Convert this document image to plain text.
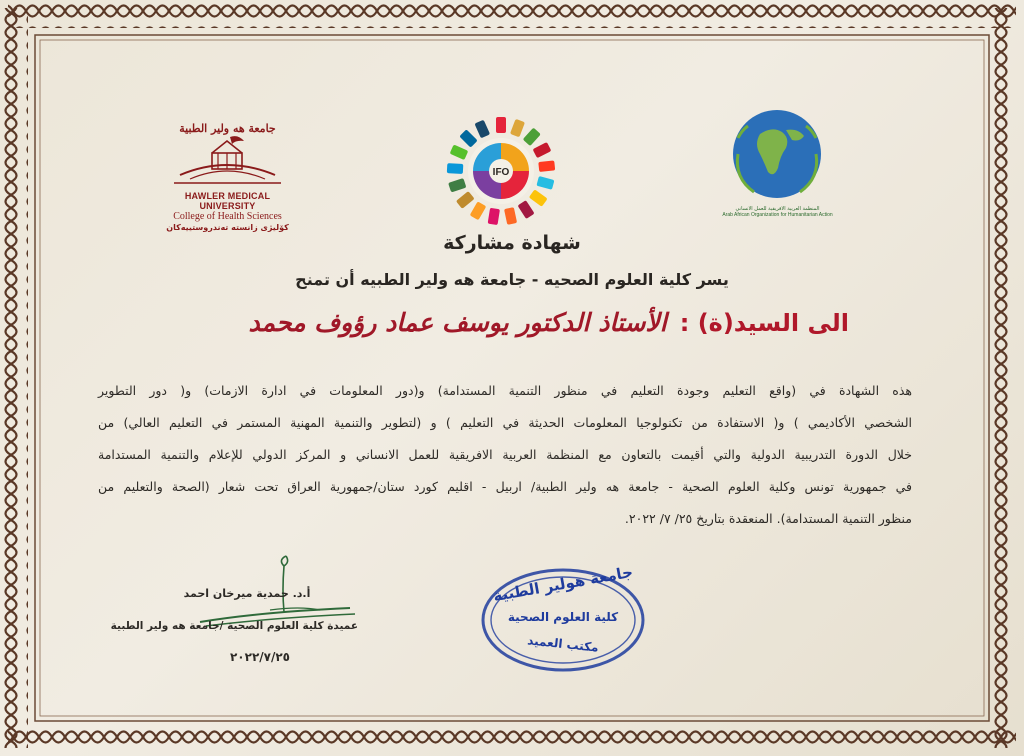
جامعة هه ولير الطبية
HAWLER MEDICAL UNIVERSITY
College of Health Sciences
کۆلیژی زانستە تەندروستییەکان
IFO
المنظمة العربية الافريقية للعمل الانساني
Arab African Organization for Humanitarian Action
شهادة مشاركة
يسر كلية العلوم الصحيه - جامعة هه ولير الطبيه أن تمنح
الى السيد(ة) : الأستاذ الدكتور يوسف عماد رؤوف محمد
هذه الشهادة في (واقع التعليم وجودة التعليم في منظور التنمية المستدامة) و(دور المعلومات في ادارة الازمات) و( دور التطوير
الشخصي الأكاديمي ) و( الاستفادة من تكنولوجيا المعلومات الحديثة في التعليم ) و (لتطوير والتنمية المهنية المستمر في التعليم العالي) من
خلال الدورة التدريبية الدولية والتي أقيمت بالتعاون مع المنظمة العربية الافريقية للعمل الانساني و المركز الدولي للإعلام والتنمية المستدامة
في جمهورية تونس وكلية العلوم الصحية - جامعة هه ولير الطبية/ اربيل - اقليم كورد ستان/جمهورية العراق تحت شعار (الصحة والتعليم من
منظور التنمية المستدامة). المنعقدة بتاريخ ٢٥/ ٧/ ٢٠٢٢.
أ.د. حمدية ميرخان احمد
عميدة كلية العلوم الصحية /جامعة هه ولير الطبية
٢٠٢٢/٧/٢٥
جامعة هولير الطبية
كلية العلوم الصحية
مكتب العميد
